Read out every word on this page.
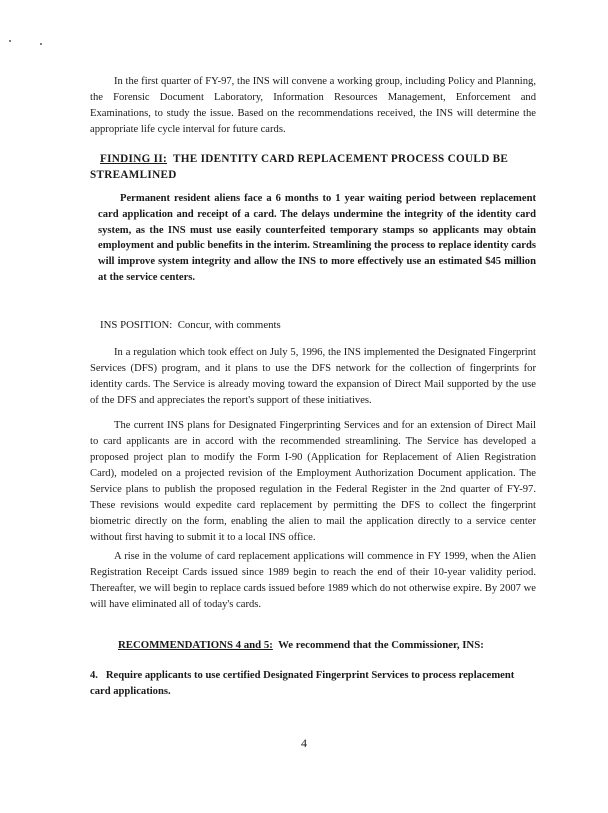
In the first quarter of FY-97, the INS will convene a working group, including Policy and Planning, the Forensic Document Laboratory, Information Resources Management, Enforcement and Examinations, to study the issue. Based on the recommendations received, the INS will determine the appropriate life cycle interval for future cards.

FINDING II: THE IDENTITY CARD REPLACEMENT PROCESS COULD BE STREAMLINED

Permanent resident aliens face a 6 months to 1 year waiting period between replacement card application and receipt of a card. The delays undermine the integrity of the identity card system, as the INS must use easily counterfeited temporary stamps so applicants may obtain employment and public benefits in the interim. Streamlining the process to replace identity cards will improve system integrity and allow the INS to more effectively use an estimated $45 million at the service centers.

INS POSITION: Concur, with comments

In a regulation which took effect on July 5, 1996, the INS implemented the Designated Fingerprint Services (DFS) program, and it plans to use the DFS network for the collection of fingerprints for identity cards. The Service is already moving toward the expansion of Direct Mail supported by the use of the DFS and appreciates the report's support of these initiatives.

The current INS plans for Designated Fingerprinting Services and for an extension of Direct Mail to card applicants are in accord with the recommended streamlining. The Service has developed a proposed project plan to modify the Form I-90 (Application for Replacement of Alien Registration Card), modeled on a projected revision of the Employment Authorization Document application. The Service plans to publish the proposed regulation in the Federal Register in the 2nd quarter of FY-97. These revisions would expedite card replacement by permitting the DFS to collect the fingerprint biometric directly on the form, enabling the alien to mail the application directly to a service center without first having to submit it to a local INS office.

A rise in the volume of card replacement applications will commence in FY 1999, when the Alien Registration Receipt Cards issued since 1989 begin to reach the end of their 10-year validity period. Thereafter, we will begin to replace cards issued before 1989 which do not otherwise expire. By 2007 we will have eliminated all of today's cards.

RECOMMENDATIONS 4 and 5: We recommend that the Commissioner, INS:

4. Require applicants to use certified Designated Fingerprint Services to process replacement card applications.

4
